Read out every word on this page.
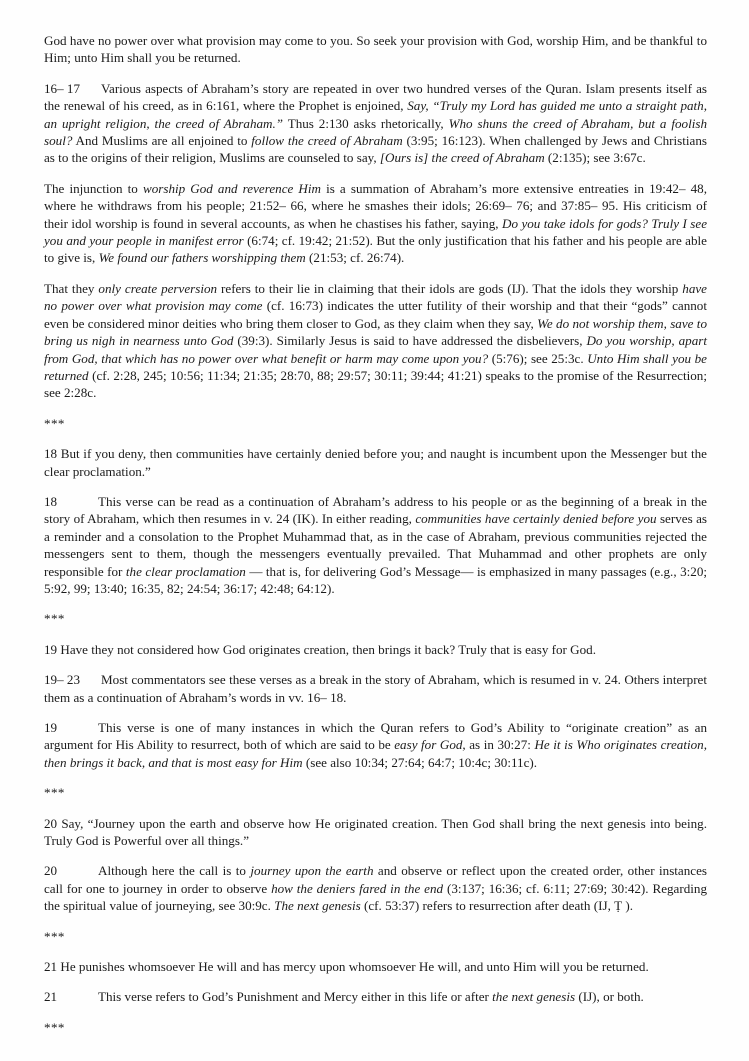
God have no power over what provision may come to you. So seek your provision with God, worship Him, and be thankful to Him; unto Him shall you be returned.

16– 17 Various aspects of Abraham’s story are repeated in over two hundred verses of the Quran. Islam presents itself as the renewal of his creed, as in 6:161, where the Prophet is enjoined, Say, “Truly my Lord has guided me unto a straight path, an upright religion, the creed of Abraham.” Thus 2:130 asks rhetorically, Who shuns the creed of Abraham, but a foolish soul? And Muslims are all enjoined to follow the creed of Abraham (3:95; 16:123). When challenged by Jews and Christians as to the origins of their religion, Muslims are counseled to say, [Ours is] the creed of Abraham (2:135); see 3:67c.

The injunction to worship God and reverence Him is a summation of Abraham’s more extensive entreaties in 19:42– 48, where he withdraws from his people; 21:52– 66, where he smashes their idols; 26:69– 76; and 37:85– 95. His criticism of their idol worship is found in several accounts, as when he chastises his father, saying, Do you take idols for gods? Truly I see you and your people in manifest error (6:74; cf. 19:42; 21:52). But the only justification that his father and his people are able to give is, We found our fathers worshipping them (21:53; cf. 26:74).

That they only create perversion refers to their lie in claiming that their idols are gods (IJ). That the idols they worship have no power over what provision may come (cf. 16:73) indicates the utter futility of their worship and that their “gods” cannot even be considered minor deities who bring them closer to God, as they claim when they say, We do not worship them, save to bring us nigh in nearness unto God (39:3). Similarly Jesus is said to have addressed the disbelievers, Do you worship, apart from God, that which has no power over what benefit or harm may come upon you? (5:76); see 25:3c. Unto Him shall you be returned (cf. 2:28, 245; 10:56; 11:34; 21:35; 28:70, 88; 29:57; 30:11; 39:44; 41:21) speaks to the promise of the Resurrection; see 2:28c.

***

18 But if you deny, then communities have certainly denied before you; and naught is incumbent upon the Messenger but the clear proclamation.”

18	This verse can be read as a continuation of Abraham’s address to his people or as the beginning of a break in the story of Abraham, which then resumes in v. 24 (IK). In either reading, communities have certainly denied before you serves as a reminder and a consolation to the Prophet Muhammad that, as in the case of Abraham, previous communities rejected the messengers sent to them, though the messengers eventually prevailed. That Muhammad and other prophets are only responsible for the clear proclamation — that is, for delivering God’s Message— is emphasized in many passages (e.g., 3:20; 5:92, 99; 13:40; 16:35, 82; 24:54; 36:17; 42:48; 64:12).

***

19 Have they not considered how God originates creation, then brings it back? Truly that is easy for God.

19– 23 Most commentators see these verses as a break in the story of Abraham, which is resumed in v. 24. Others interpret them as a continuation of Abraham’s words in vv. 16– 18.

19	This verse is one of many instances in which the Quran refers to God’s Ability to “originate creation” as an argument for His Ability to resurrect, both of which are said to be easy for God, as in 30:27: He it is Who originates creation, then brings it back, and that is most easy for Him (see also 10:34; 27:64; 64:7; 10:4c; 30:11c).

***

20 Say, “Journey upon the earth and observe how He originated creation. Then God shall bring the next genesis into being. Truly God is Powerful over all things.”

20	Although here the call is to journey upon the earth and observe or reflect upon the created order, other instances call for one to journey in order to observe how the deniers fared in the end (3:137; 16:36; cf. 6:11; 27:69; 30:42). Regarding the spiritual value of journeying, see 30:9c. The next genesis (cf. 53:37) refers to resurrection after death (IJ, Ṭ ).

***

21 He punishes whomsoever He will and has mercy upon whomsoever He will, and unto Him will you be returned.

21	This verse refers to God’s Punishment and Mercy either in this life or after the next genesis (IJ), or both.

***
